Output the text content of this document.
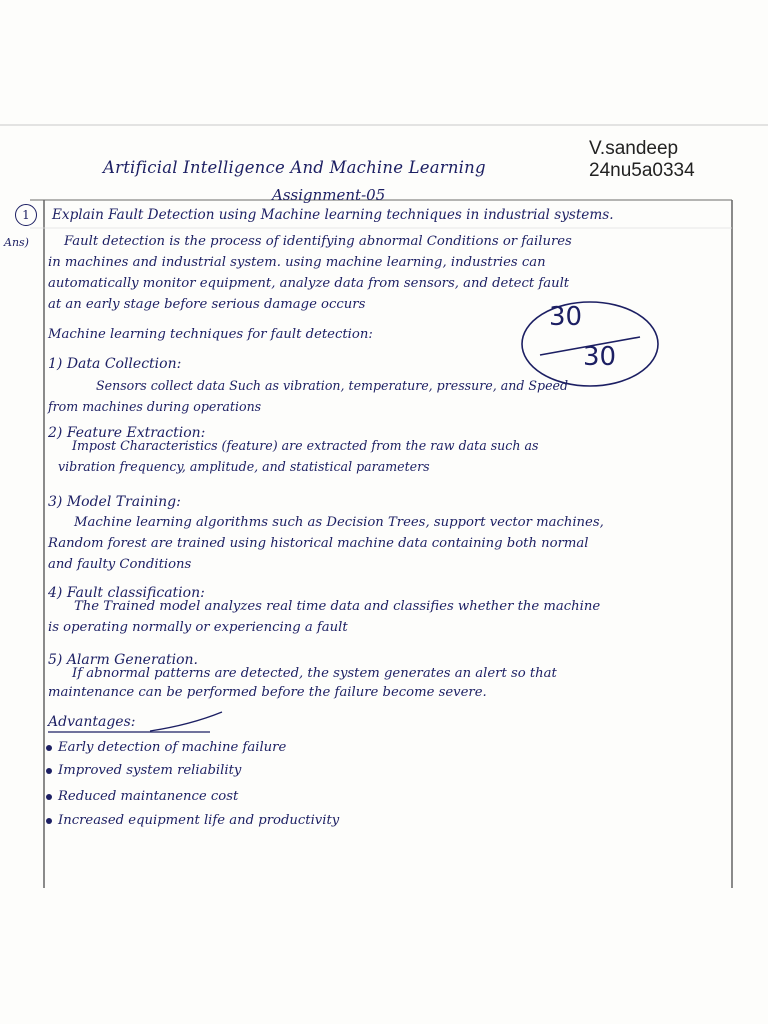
V.sandeep
24nu5a0334
Artificial Intelligence And Machine Learning
Assignment-05
1	Explain Fault Detection using Machine learning techniques in industrial systems.
Ans)	Fault detection is the process of identifying abnormal Conditions or failures
in machines and industrial system. using machine learning, industries can
automatically monitor equipment, analyze data from sensors, and detect fault
at an early stage before serious damage occurs
Machine learning techniques for fault detection:
30
30
1) Data Collection:
Sensors collect data Such as vibration, temperature, pressure, and Speed
from machines during operations
2) Feature Extraction:
Impost Characteristics (feature) are extracted from the raw data such as
vibration frequency, amplitude, and statistical parameters
3) Model Training:
Machine learning algorithms such as Decision Trees, support vector machines,
Random forest are trained using historical machine data containing both normal
and faulty Conditions
4) Fault classification:
The Trained model analyzes real time data and classifies whether the machine
is operating normally or experiencing a fault
5) Alarm Generation.
If abnormal patterns are detected, the system generates an alert so that
maintenance can be performed before the failure become severe.
Advantages:
Early detection of machine failure
Improved system reliability
Reduced maintanence cost
Increased equipment life and productivity
